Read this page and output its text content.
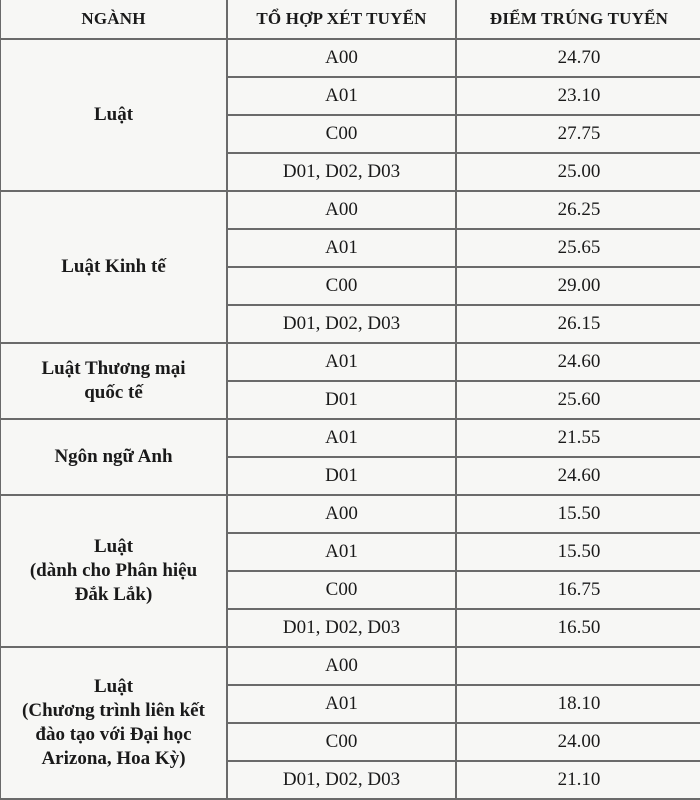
NGÀNH	TỔ HỢP XÉT TUYỂN	ĐIỂM TRÚNG TUYỂN
Luật	A00	24.70
	A01	23.10
	C00	27.75
	D01, D02, D03	25.00
Luật Kinh tế	A00	26.25
	A01	25.65
	C00	29.00
	D01, D02, D03	26.15
Luật Thương mại
quốc tế	A01	24.60
	D01	25.60
Ngôn ngữ Anh	A01	21.55
	D01	24.60
Luật
(dành cho Phân hiệu
Đắk Lắk)	A00	15.50
	A01	15.50
	C00	16.75
	D01, D02, D03	16.50
Luật
(Chương trình liên kết
đào tạo với Đại học
Arizona, Hoa Kỳ)	A00	
	A01	18.10
	C00	24.00
	D01, D02, D03	21.10
